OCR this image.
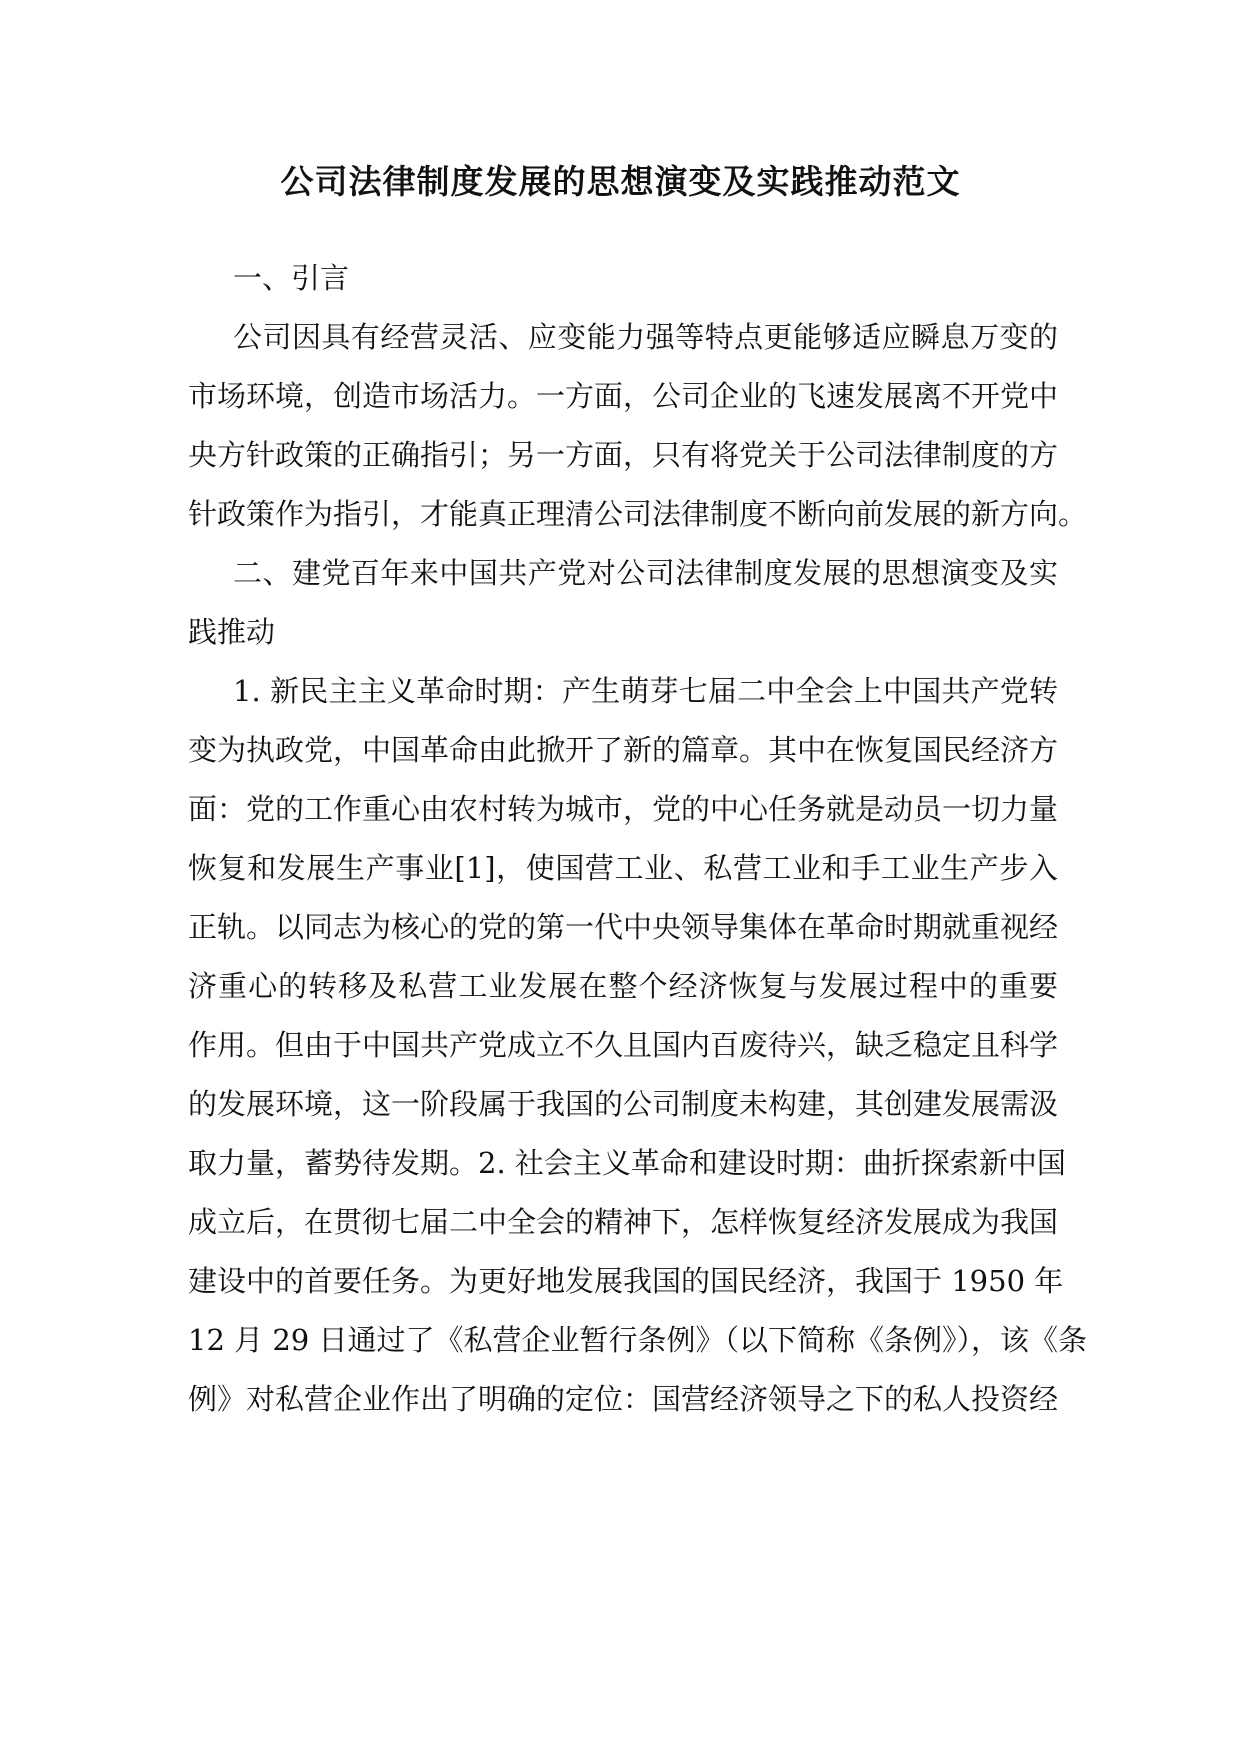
公司法律制度发展的思想演变及实践推动范文
一、引言
公司因具有经营灵活、应变能力强等特点更能够适应瞬息万变的
市场环境，创造市场活力。一方面，公司企业的飞速发展离不开党中
央方针政策的正确指引；另一方面，只有将党关于公司法律制度的方
针政策作为指引，才能真正理清公司法律制度不断向前发展的新方向。
二、建党百年来中国共产党对公司法律制度发展的思想演变及实
践推动
1. 新民主主义革命时期：产生萌芽七届二中全会上中国共产党转
变为执政党，中国革命由此掀开了新的篇章。其中在恢复国民经济方
面：党的工作重心由农村转为城市，党的中心任务就是动员一切力量
恢复和发展生产事业[1]，使国营工业、私营工业和手工业生产步入
正轨。以同志为核心的党的第一代中央领导集体在革命时期就重视经
济重心的转移及私营工业发展在整个经济恢复与发展过程中的重要
作用。但由于中国共产党成立不久且国内百废待兴，缺乏稳定且科学
的发展环境，这一阶段属于我国的公司制度未构建，其创建发展需汲
取力量，蓄势待发期。2. 社会主义革命和建设时期：曲折探索新中国
成立后，在贯彻七届二中全会的精神下，怎样恢复经济发展成为我国
建设中的首要任务。为更好地发展我国的国民经济，我国于 1950 年
12 月 29 日通过了《私营企业暂行条例》（以下简称《条例》），该《条
例》对私营企业作出了明确的定位：国营经济领导之下的私人投资经
